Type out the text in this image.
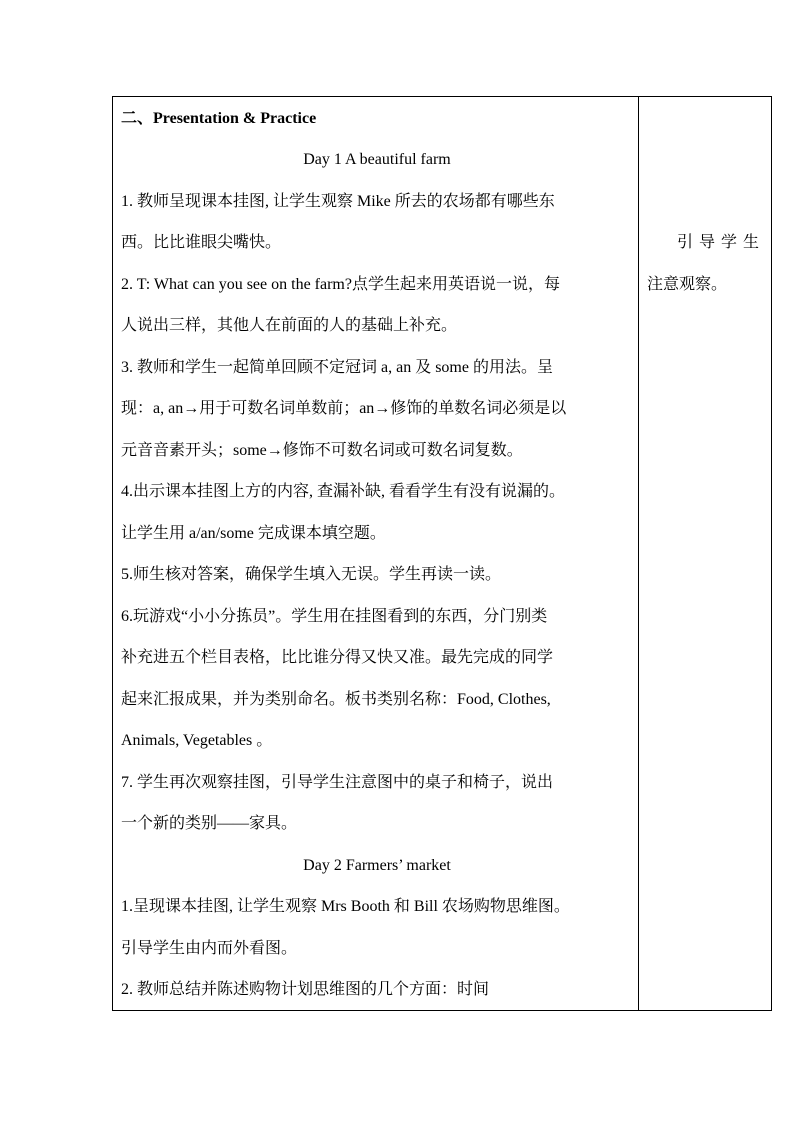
二、Presentation & Practice
Day 1 A beautiful farm
1. 教师呈现课本挂图, 让学生观察 Mike 所去的农场都有哪些东
西。比比谁眼尖嘴快。
2. T: What can you see on the farm?点学生起来用英语说一说，每
人说出三样，其他人在前面的人的基础上补充。
3. 教师和学生一起简单回顾不定冠词 a, an 及 some 的用法。呈
现：a, an→用于可数名词单数前；an→修饰的单数名词必须是以
元音音素开头；some→修饰不可数名词或可数名词复数。
4.出示课本挂图上方的内容, 查漏补缺, 看看学生有没有说漏的。
让学生用 a/an/some 完成课本填空题。
5.师生核对答案，确保学生填入无误。学生再读一读。
6.玩游戏“小小分拣员”。学生用在挂图看到的东西，分门别类
补充进五个栏目表格，比比谁分得又快又准。最先完成的同学
起来汇报成果，并为类别命名。板书类别名称：Food, Clothes,
Animals, Vegetables 。
7. 学生再次观察挂图，引导学生注意图中的桌子和椅子，说出
一个新的类别——家具。
Day 2 Farmers’ market
1.呈现课本挂图, 让学生观察 Mrs Booth 和 Bill 农场购物思维图。
引导学生由内而外看图。
2. 教师总结并陈述购物计划思维图的几个方面：时间
引导学生
注意观察。
